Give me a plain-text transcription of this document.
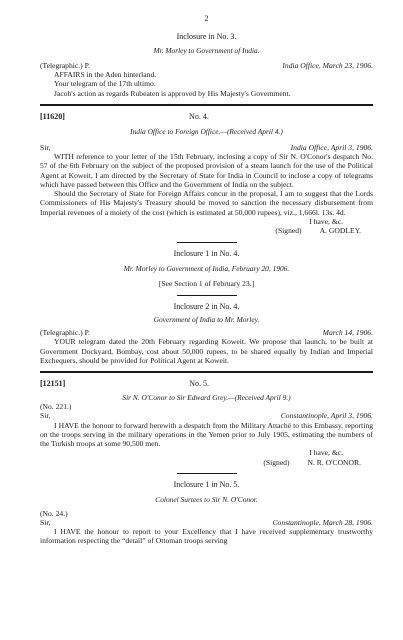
2
Inclosure in No. 3.
Mr. Morley to Government of India.
(Telegraphic.) P.	India Office, March 23, 1906.
AFFAIRS in the Aden hinterland.
Your telegram of the 17th ultimo.
Jacob's action as regards Rubeaten is approved by His Majesty's Government.
[11620]	No. 4.
India Office to Foreign Office.—(Received April 4.)
Sir,	India Office, April 3, 1906.
WITH reference to your letter of the 15th February, inclosing a copy of Sir N. O'Conor's despatch No. 57 of the 6th February on the subject of the proposed provision of a steam launch for the use of the Political Agent at Koweit, I am directed by the Secretary of State for India in Council to inclose a copy of telegrams which have passed between this Office and the Government of India on the subject.
Should the Secretary of State for Foreign Affairs concur in the proposal, I am to suggest that the Lords Commissioners of His Majesty's Treasury should be moved to sanction the necessary disbursement from Imperial revenues of a moiety of the cost (which is estimated at 50,000 rupees), viz., 1,666l. 13s. 4d.
I have, &c.
(Signed) A. GODLEY.
Inclosure 1 in No. 4.
Mr. Morley to Government of India, February 20, 1906.
[See Section 1 of February 23.]
Inclosure 2 in No. 4.
Government of India to Mr. Morley.
(Telegraphic.) P.	March 14, 1906.
YOUR telegram dated the 20th February regarding Koweit. We propose that launch, to be built at Government Dockyard, Bombay, cost about 50,000 rupees, to be shared equally by Indian and Imperial Exchequers, should be provided for Political Agent at Koweit.
[12151]	No. 5.
Sir N. O'Conor to Sir Edward Grey.—(Received April 9.)
(No. 221.)
Sir,	Constantinople, April 3, 1906.
I HAVE the honour to forward herewith a despatch from the Military Attaché to this Embassy, reporting on the troops serving in the military operations in the Yemen prior to July 1905, estimating the numbers of the Turkish troops at some 90,500 men.
I have, &c.
(Signed) N. R. O'CONOR.
Inclosure 1 in No. 5.
Colonel Surtees to Sir N. O'Conor.
(No. 24.)
Sir,	Constantinople, March 28, 1906.
I HAVE the honour to report to your Excellency that I have received supplementary trustworthy information respecting the “detail” of Ottoman troops serving
